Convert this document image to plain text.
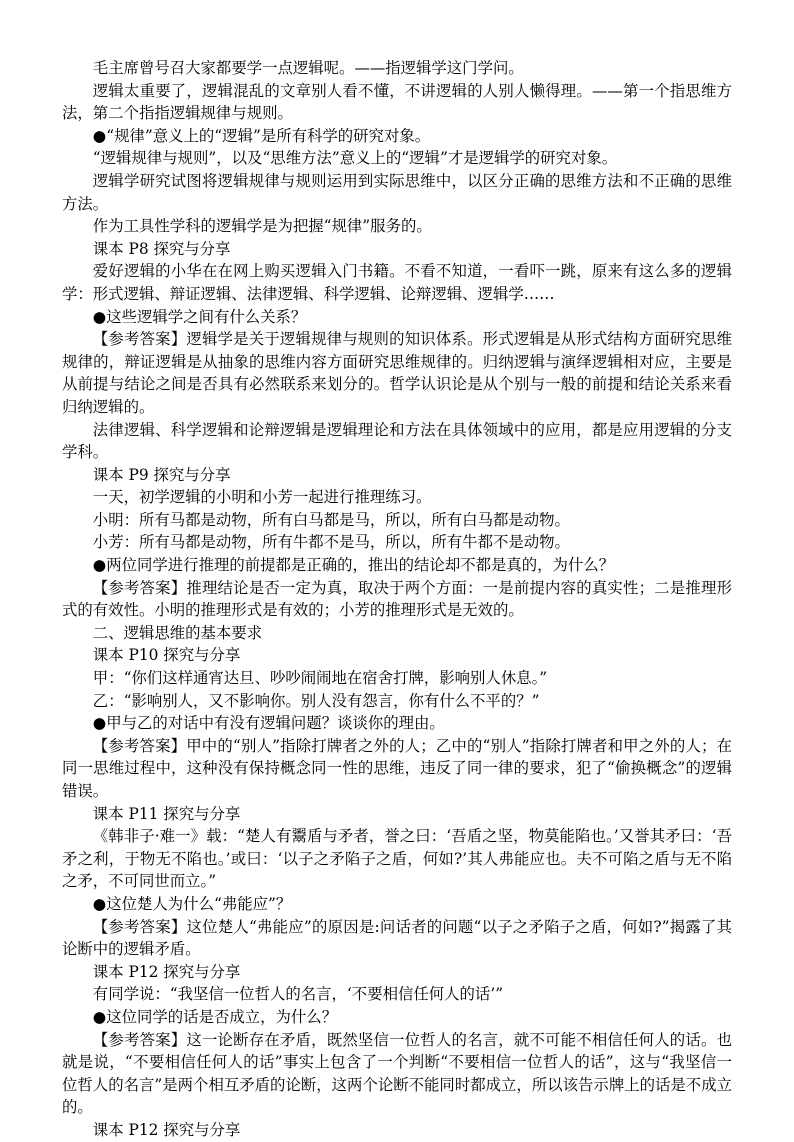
毛主席曾号召大家都要学一点逻辑呢。——指逻辑学这门学问。

逻辑太重要了，逻辑混乱的文章别人看不懂，不讲逻辑的人别人懒得理。——第一个指思维方法，第二个指指逻辑规律与规则。

●“规律”意义上的“逻辑”是所有科学的研究对象。

“逻辑规律与规则”，以及“思维方法”意义上的“逻辑”才是逻辑学的研究对象。

逻辑学研究试图将逻辑规律与规则运用到实际思维中，以区分正确的思维方法和不正确的思维方法。

作为工具性学科的逻辑学是为把握“规律”服务的。

课本 P8 探究与分享

爱好逻辑的小华在在网上购买逻辑入门书籍。不看不知道，一看吓一跳，原来有这么多的逻辑学：形式逻辑、辩证逻辑、法律逻辑、科学逻辑、论辩逻辑、逻辑学……

●这些逻辑学之间有什么关系？

【参考答案】逻辑学是关于逻辑规律与规则的知识体系。形式逻辑是从形式结构方面研究思维规律的，辩证逻辑是从抽象的思维内容方面研究思维规律的。归纳逻辑与演绎逻辑相对应，主要是从前提与结论之间是否具有必然联系来划分的。哲学认识论是从个别与一般的前提和结论关系来看归纳逻辑的。

法律逻辑、科学逻辑和论辩逻辑是逻辑理论和方法在具体领域中的应用，都是应用逻辑的分支学科。

课本 P9 探究与分享

一天，初学逻辑的小明和小芳一起进行推理练习。

小明：所有马都是动物，所有白马都是马，所以，所有白马都是动物。

小芳：所有马都是动物，所有牛都不是马，所以，所有牛都不是动物。

●两位同学进行推理的前提都是正确的，推出的结论却不都是真的，为什么？

【参考答案】推理结论是否一定为真，取决于两个方面：一是前提内容的真实性；二是推理形式的有效性。小明的推理形式是有效的；小芳的推理形式是无效的。

二、逻辑思维的基本要求

课本 P10 探究与分享

甲：“你们这样通宵达旦、吵吵闹闹地在宿舍打牌，影响别人休息。”

乙：“影响别人，又不影响你。别人没有怨言，你有什么不平的？”

●甲与乙的对话中有没有逻辑问题？谈谈你的理由。

【参考答案】甲中的“别人”指除打牌者之外的人；乙中的“别人”指除打牌者和甲之外的人；在同一思维过程中，这种没有保持概念同一性的思维，违反了同一律的要求，犯了“偷换概念”的逻辑错误。

课本 P11 探究与分享

《韩非子·难一》载：“楚人有鬻盾与矛者，誉之曰：‘吾盾之坚，物莫能陷也。’又誉其矛曰：‘吾矛之利，于物无不陷也。’或曰：‘以子之矛陷子之盾，何如?’其人弗能应也。夫不可陷之盾与无不陷之矛，不可同世而立。”

●这位楚人为什么“弗能应”？

【参考答案】这位楚人“弗能应”的原因是:问话者的问题“以子之矛陷子之盾，何如?”揭露了其论断中的逻辑矛盾。

课本 P12 探究与分享

有同学说：“我坚信一位哲人的名言，‘不要相信任何人的话’”

●这位同学的话是否成立，为什么？

【参考答案】这一论断存在矛盾，既然坚信一位哲人的名言，就不可能不相信任何人的话。也就是说，“不要相信任何人的话”事实上包含了一个判断“不要相信一位哲人的话”，这与“我坚信一位哲人的名言”是两个相互矛盾的论断，这两个论断不能同时都成立，所以该告示牌上的话是不成立的。

课本 P12 探究与分享
